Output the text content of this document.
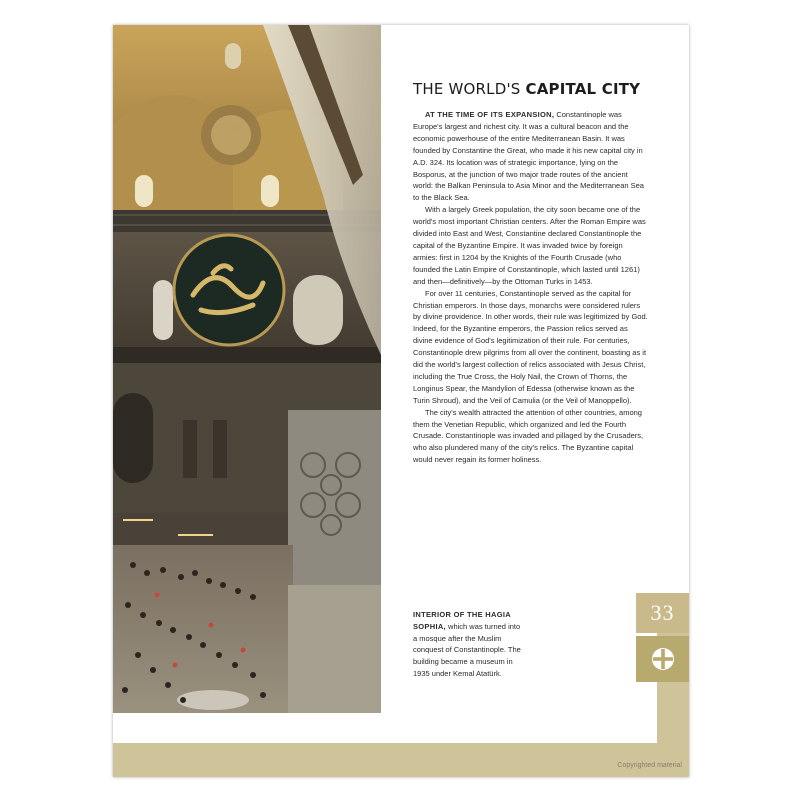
THE WORLD'S CAPITAL CITY

AT THE TIME OF ITS EXPANSION, Constantinople was Europe's largest and richest city. It was a cultural beacon and the economic powerhouse of the entire Mediterranean Basin. It was founded by Constantine the Great, who made it his new capital city in A.D. 324. Its location was of strategic importance, lying on the Bosporus, at the junction of two major trade routes of the ancient world: the Balkan Peninsula to Asia Minor and the Mediterranean Sea to the Black Sea.

With a largely Greek population, the city soon became one of the world's most important Christian centers. After the Roman Empire was divided into East and West, Constantine declared Constantinople the capital of the Byzantine Empire. It was invaded twice by foreign armies: first in 1204 by the Knights of the Fourth Crusade (who founded the Latin Empire of Constantinople, which lasted until 1261) and then—definitively—by the Ottoman Turks in 1453.

For over 11 centuries, Constantinople served as the capital for Christian emperors. In those days, monarchs were considered rulers by divine providence. In other words, their rule was legitimized by God. Indeed, for the Byzantine emperors, the Passion relics served as divine evidence of God's legitimization of their rule. For centuries, Constantinople drew pilgrims from all over the continent, boasting as it did the world's largest collection of relics associated with Jesus Christ, including the True Cross, the Holy Nail, the Crown of Thorns, the Longinus Spear, the Mandylion of Edessa (otherwise known as the Turin Shroud), and the Veil of Camulia (or the Veil of Manoppello).

The city's wealth attracted the attention of other countries, among them the Venetian Republic, which organized and led the Fourth Crusade. Constantinople was invaded and pillaged by the Crusaders, who also plundered many of the city's relics. The Byzantine capital would never regain its former holiness.

INTERIOR OF THE HAGIA SOPHIA, which was turned into a mosque after the Muslim conquest of Constantinople. The building became a museum in 1935 under Kemal Atatürk.
33
Copyrighted material
